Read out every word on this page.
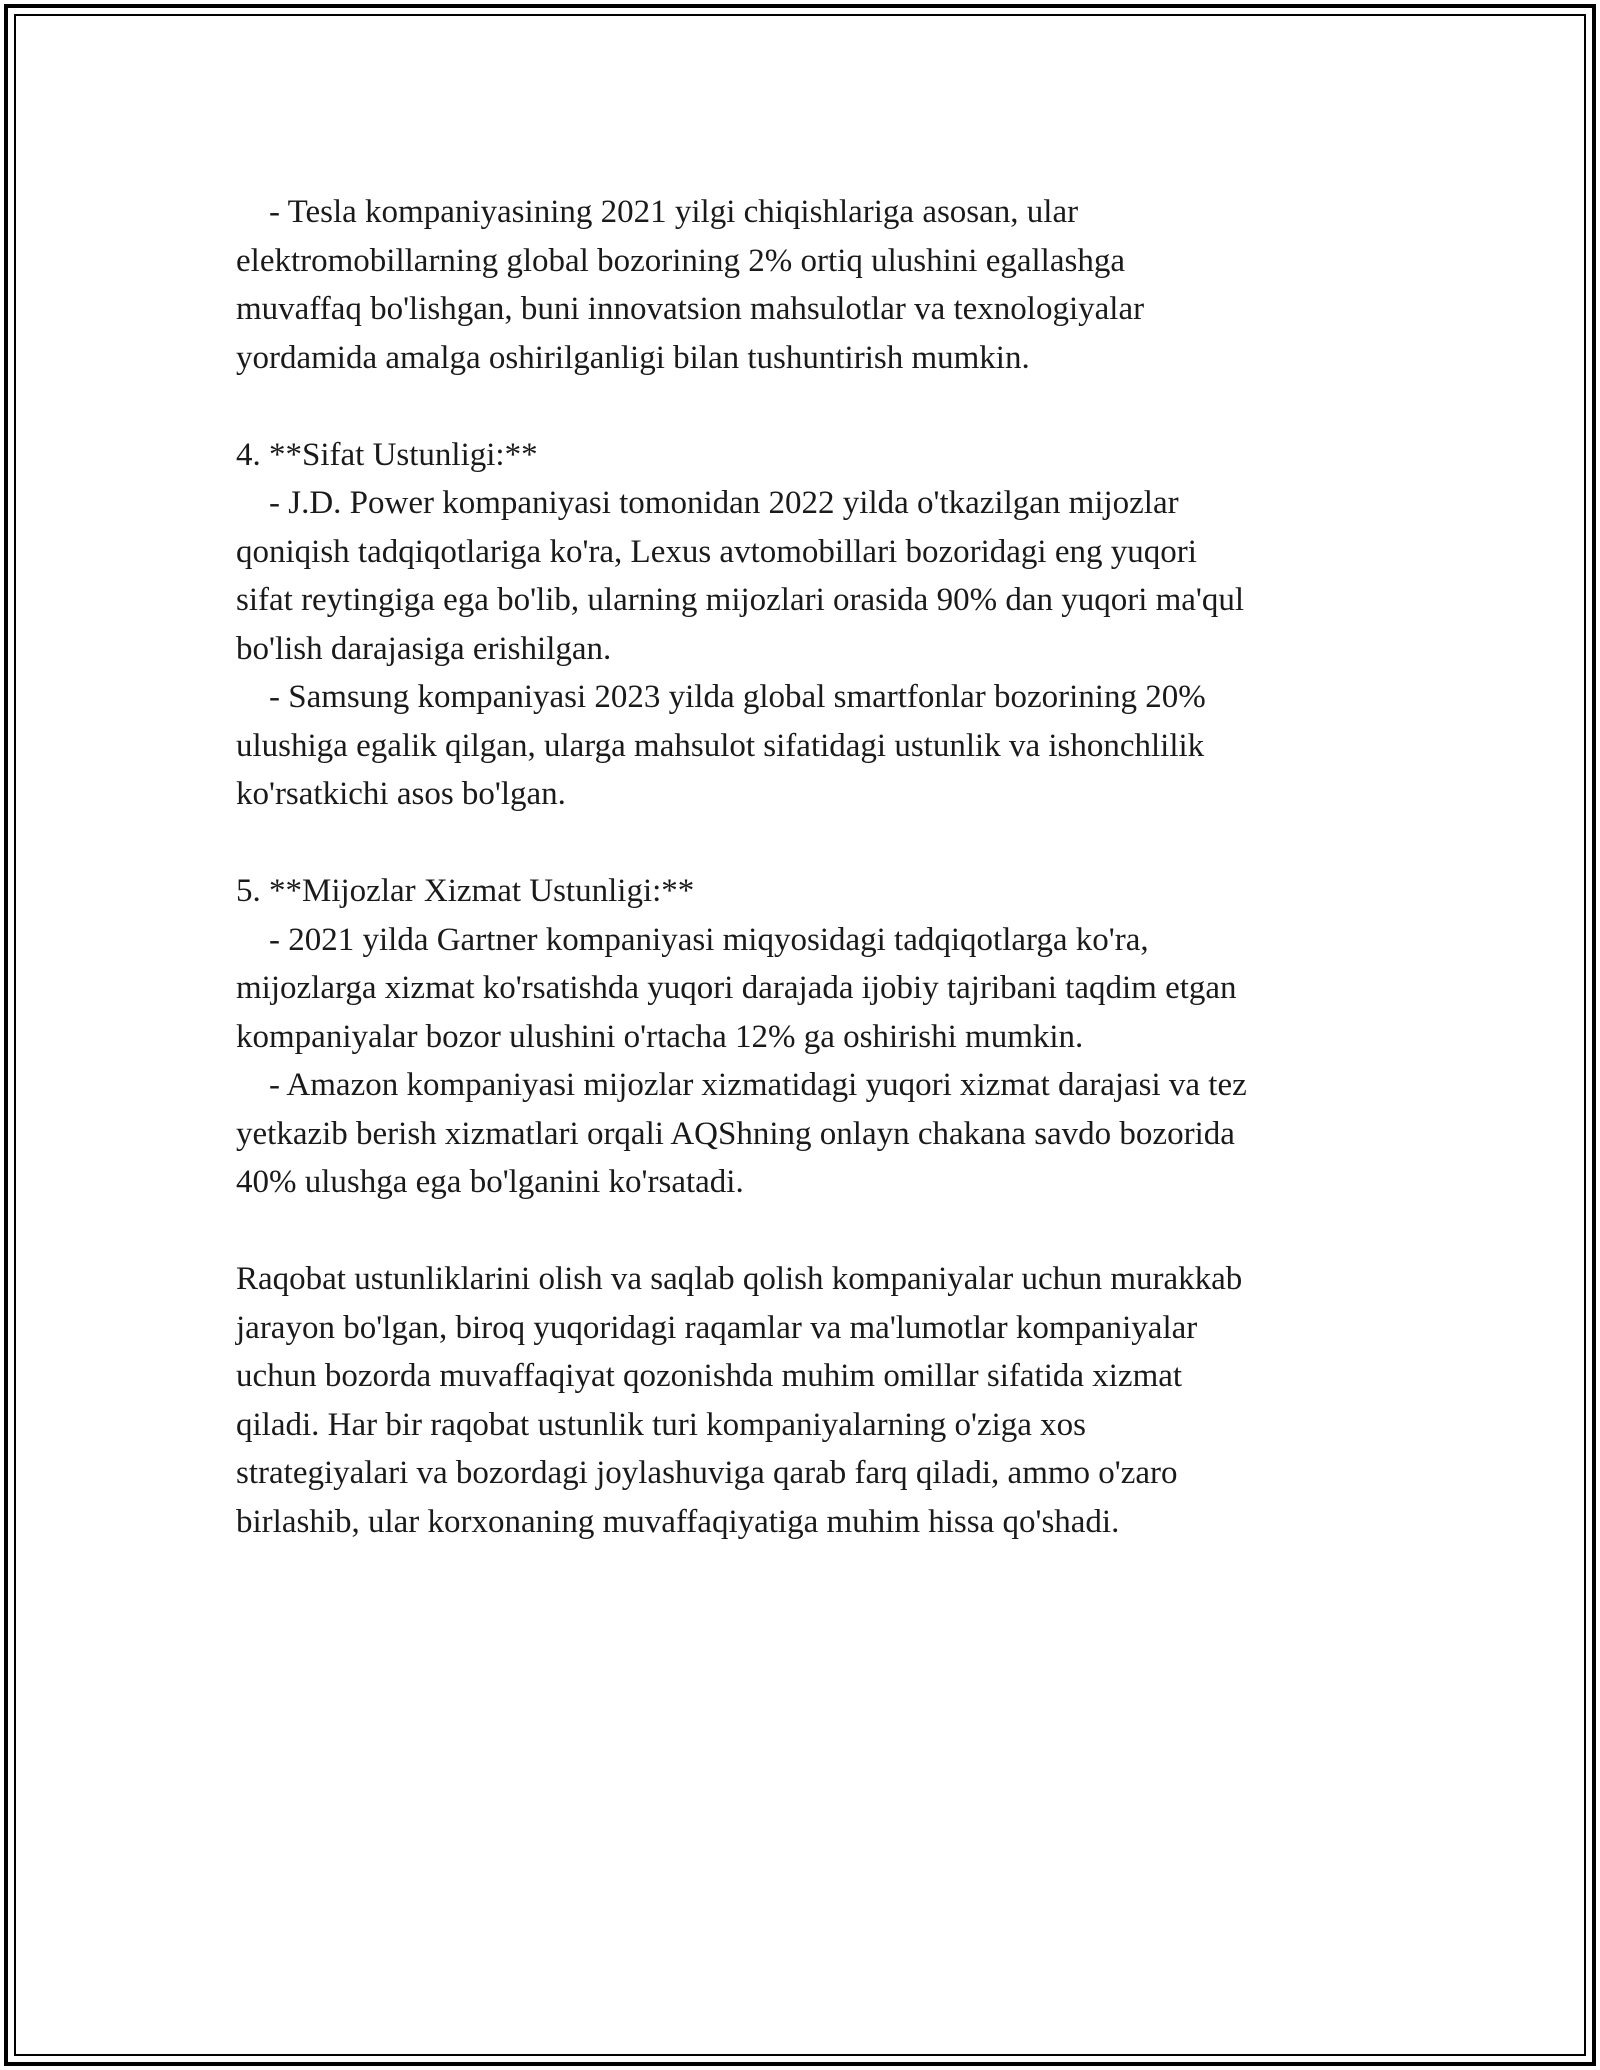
- Tesla kompaniyasining 2021 yilgi chiqishlariga asosan, ular
elektromobillarning global bozorining 2% ortiq ulushini egallashga
muvaffaq bo'lishgan, buni innovatsion mahsulotlar va texnologiyalar
yordamida amalga oshirilganligi bilan tushuntirish mumkin.
4. **Sifat Ustunligi:**
- J.D. Power kompaniyasi tomonidan 2022 yilda o'tkazilgan mijozlar
qoniqish tadqiqotlariga ko'ra, Lexus avtomobillari bozoridagi eng yuqori
sifat reytingiga ega bo'lib, ularning mijozlari orasida 90% dan yuqori ma'qul
bo'lish darajasiga erishilgan.
- Samsung kompaniyasi 2023 yilda global smartfonlar bozorining 20%
ulushiga egalik qilgan, ularga mahsulot sifatidagi ustunlik va ishonchlilik
ko'rsatkichi asos bo'lgan.
5. **Mijozlar Xizmat Ustunligi:**
- 2021 yilda Gartner kompaniyasi miqyosidagi tadqiqotlarga ko'ra,
mijozlarga xizmat ko'rsatishda yuqori darajada ijobiy tajribani taqdim etgan
kompaniyalar bozor ulushini o'rtacha 12% ga oshirishi mumkin.
- Amazon kompaniyasi mijozlar xizmatidagi yuqori xizmat darajasi va tez
yetkazib berish xizmatlari orqali AQShning onlayn chakana savdo bozorida
40% ulushga ega bo'lganini ko'rsatadi.
Raqobat ustunliklarini olish va saqlab qolish kompaniyalar uchun murakkab
jarayon bo'lgan, biroq yuqoridagi raqamlar va ma'lumotlar kompaniyalar
uchun bozorda muvaffaqiyat qozonishda muhim omillar sifatida xizmat
qiladi. Har bir raqobat ustunlik turi kompaniyalarning o'ziga xos
strategiyalari va bozordagi joylashuviga qarab farq qiladi, ammo o'zaro
birlashib, ular korxonaning muvaffaqiyatiga muhim hissa qo'shadi.
